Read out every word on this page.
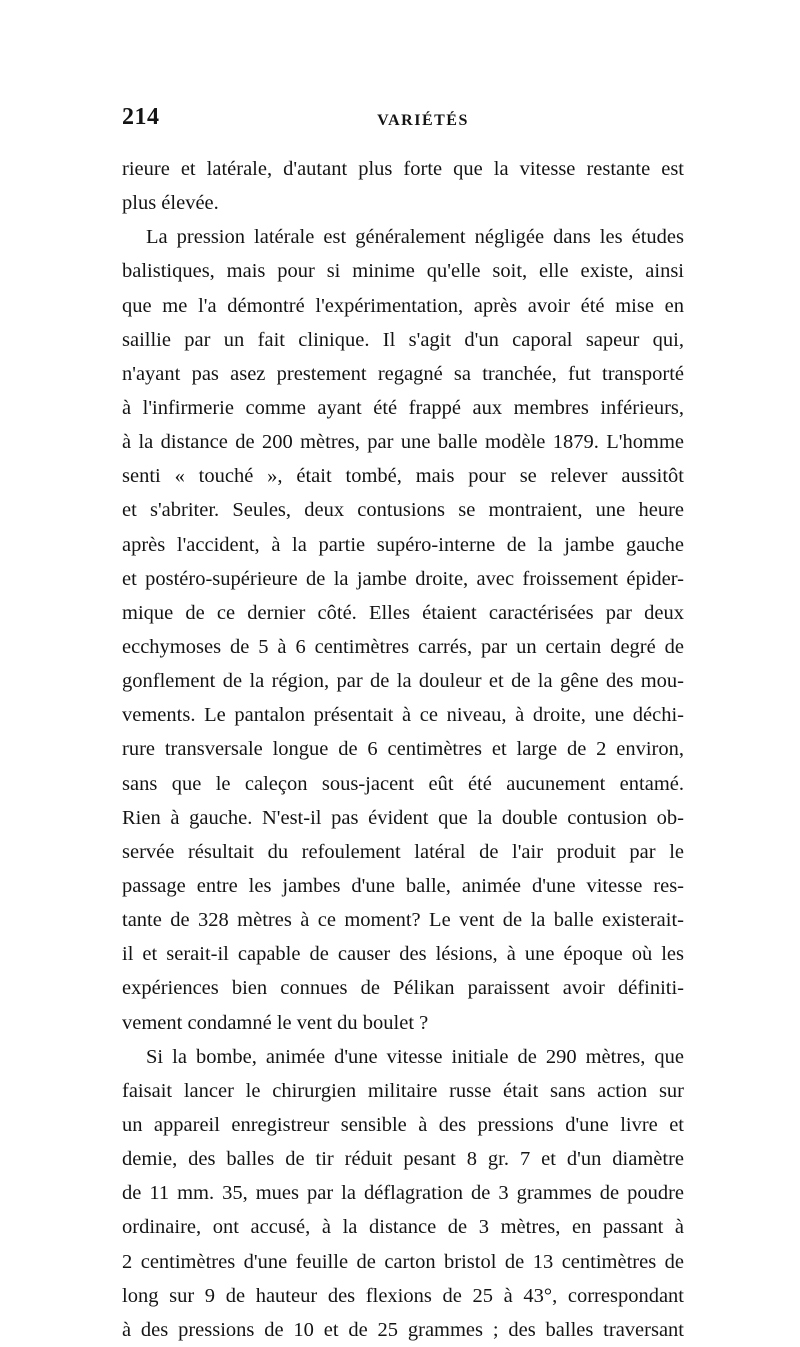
214	VARIÉTÉS
rieure et latérale, d'autant plus forte que la vitesse restante est
plus élevée.
La pression latérale est généralement négligée dans les études
balistiques, mais pour si minime qu'elle soit, elle existe, ainsi
que me l'a démontré l'expérimentation, après avoir été mise en
saillie par un fait clinique. Il s'agit d'un caporal sapeur qui,
n'ayant pas asez prestement regagné sa tranchée, fut transporté
à l'infirmerie comme ayant été frappé aux membres inférieurs,
à la distance de 200 mètres, par une balle modèle 1879. L'homme
senti « touché », était tombé, mais pour se relever aussitôt
et s'abriter. Seules, deux contusions se montraient, une heure
après l'accident, à la partie supéro-interne de la jambe gauche
et postéro-supérieure de la jambe droite, avec froissement épider-
mique de ce dernier côté. Elles étaient caractérisées par deux
ecchymoses de 5 à 6 centimètres carrés, par un certain degré de
gonflement de la région, par de la douleur et de la gêne des mou-
vements. Le pantalon présentait à ce niveau, à droite, une déchi-
rure transversale longue de 6 centimètres et large de 2 environ,
sans que le caleçon sous-jacent eût été aucunement entamé.
Rien à gauche. N'est-il pas évident que la double contusion ob-
servée résultait du refoulement latéral de l'air produit par le
passage entre les jambes d'une balle, animée d'une vitesse res-
tante de 328 mètres à ce moment? Le vent de la balle existerait-
il et serait-il capable de causer des lésions, à une époque où les
expériences bien connues de Pélikan paraissent avoir définiti-
vement condamné le vent du boulet ?
Si la bombe, animée d'une vitesse initiale de 290 mètres, que
faisait lancer le chirurgien militaire russe était sans action sur
un appareil enregistreur sensible à des pressions d'une livre et
demie, des balles de tir réduit pesant 8 gr. 7 et d'un diamètre
de 11 mm. 35, mues par la déflagration de 3 grammes de poudre
ordinaire, ont accusé, à la distance de 3 mètres, en passant à
2 centimètres d'une feuille de carton bristol de 13 centimètres de
long sur 9 de hauteur des flexions de 25 à 43°, correspondant
à des pressions de 10 et de 25 grammes ; des balles traversant
